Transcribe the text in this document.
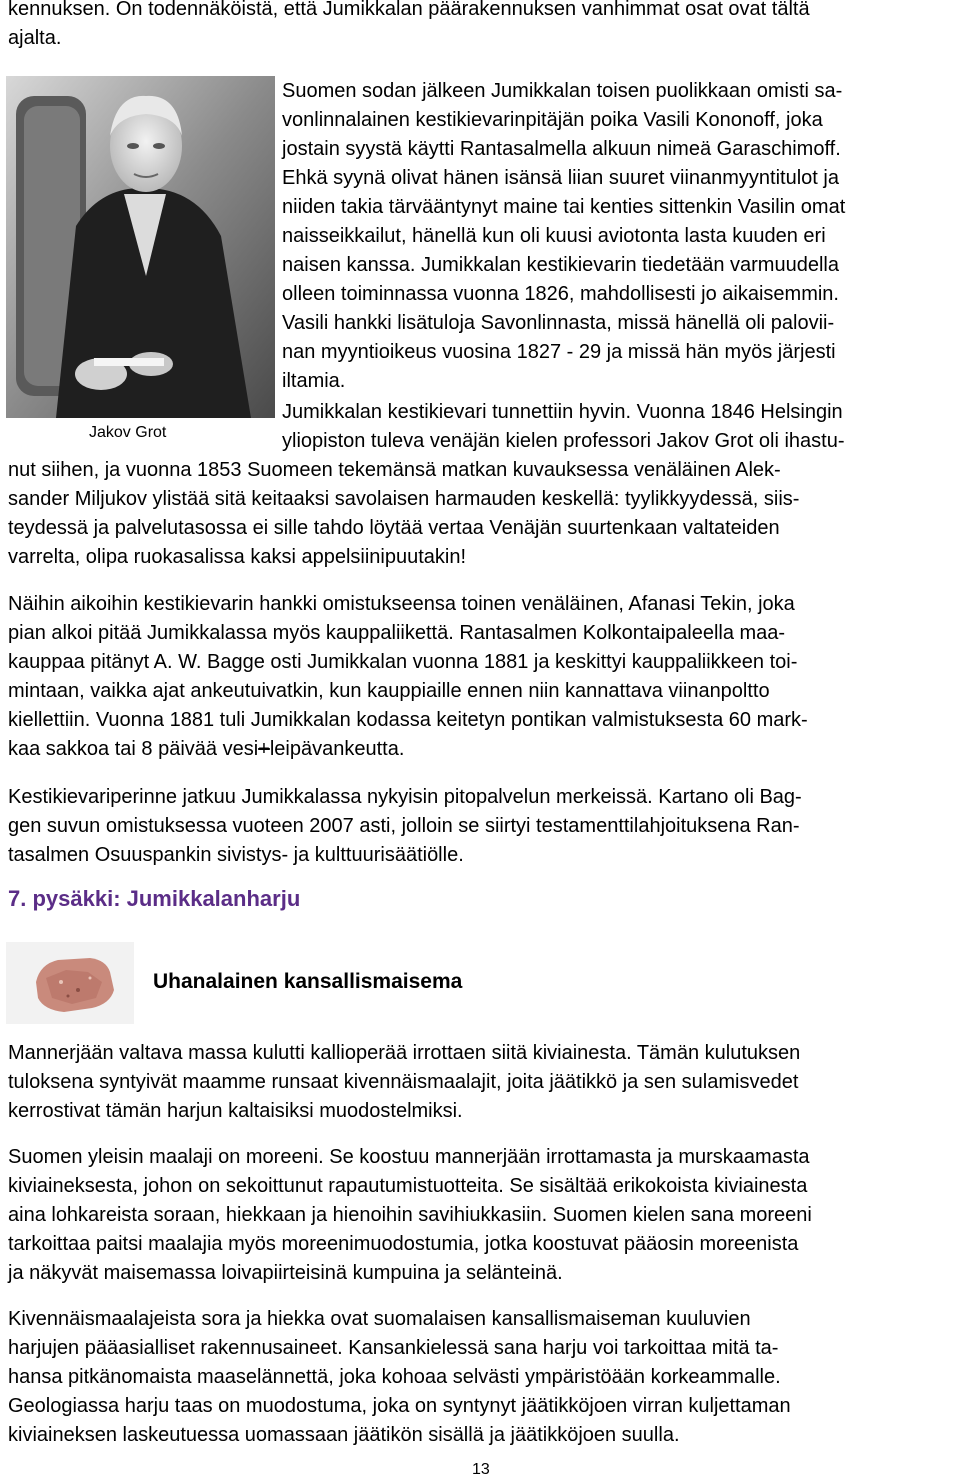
kennuksen. On todennäköistä, että Jumikkalan päärakennuksen vanhimmat osat ovat tältä
ajalta.
Jakov Grot
Suomen sodan jälkeen Jumikkalan toisen puolikkaan omisti sa-
vonlinnalainen kestikievarinpitäjän poika Vasili Kononoff, joka
jostain syystä käytti Rantasalmella alkuun nimeä Garaschimoff.
Ehkä syynä olivat hänen isänsä liian suuret viinanmyyntitulot ja
niiden takia tärvääntynyt maine tai kenties sittenkin Vasilin omat
naisseikkailut, hänellä kun oli kuusi aviotonta lasta kuuden eri
naisen kanssa. Jumikkalan kestikievarin tiedetään varmuudella
olleen toiminnassa vuonna 1826, mahdollisesti jo aikaisemmin.
Vasili hankki lisätuloja Savonlinnasta, missä hänellä oli palovii-
nan myyntioikeus vuosina 1827 - 29 ja missä hän myös järjesti
iltamia.
Jumikkalan kestikievari tunnettiin hyvin. Vuonna 1846 Helsingin
yliopiston tuleva venäjän kielen professori Jakov Grot oli ihastu-
nut siihen, ja vuonna 1853 Suomeen tekemänsä matkan kuvauksessa venäläinen Alek-
sander Miljukov ylistää sitä keitaaksi savolaisen harmauden keskellä: tyylikkyydessä, siis-
teydessä ja palvelutasossa ei sille tahdo löytää vertaa Venäjän suurtenkaan valtateiden
varrelta, olipa ruokasalissa kaksi appelsiinipuutakin!
Näihin aikoihin kestikievarin hankki omistukseensa toinen venäläinen, Afanasi Tekin, joka
pian alkoi pitää Jumikkalassa myös kauppaliikettä. Rantasalmen Kolkontaipaleella maa-
kauppaa pitänyt A. W. Bagge osti Jumikkalan vuonna 1881 ja keskittyi kauppaliikkeen toi-
mintaan, vaikka ajat ankeutuivatkin, kun kauppiaille ennen niin kannattava viinanpoltto
kiellettiin. Vuonna 1881 tuli Jumikkalan kodassa keitetyn pontikan valmistuksesta 60 mark-
kaa sakkoa tai 8 päivää vesi+leipävankeutta.
Kestikievariperinne jatkuu Jumikkalassa nykyisin pitopalvelun merkeissä. Kartano oli Bag-
gen suvun omistuksessa vuoteen 2007 asti, jolloin se siirtyi testamenttilahjoituksena Ran-
tasalmen Osuuspankin sivistys- ja kulttuurisäätiölle.
7. pysäkki: Jumikkalanharju
Uhanalainen kansallismaisema
Mannerjään valtava massa kulutti kallioperää irrottaen siitä kiviainesta. Tämän kulutuksen
tuloksena syntyivät maamme runsaat kivennäismaalajit, joita jäätikkö ja sen sulamisvedet
kerrostivat tämän harjun kaltaisiksi muodostelmiksi.
Suomen yleisin maalaji on moreeni. Se koostuu mannerjään irrottamasta ja murskaamasta
kiviaineksesta, johon on sekoittunut rapautumistuotteita. Se sisältää erikokoista kiviainesta
aina lohkareista soraan, hiekkaan ja hienoihin savihiukkasiin. Suomen kielen sana moreeni
tarkoittaa paitsi maalajia myös moreenimuodostumia, jotka koostuvat pääosin moreenista
ja näkyvät maisemassa loivapiirteisinä kumpuina ja selänteinä.
Kivennäismaalajeista sora ja hiekka ovat suomalaisen kansallismaiseman kuuluvien
harjujen pääasialliset rakennusaineet. Kansankielessä sana harju voi tarkoittaa mitä ta-
hansa pitkänomaista maaselännettä, joka kohoaa selvästi ympäristöään korkeammalle.
Geologiassa harju taas on muodostuma, joka on syntynyt jäätikköjoen virran kuljettaman
kiviaineksen laskeutuessa uomassaan jäätikön sisällä ja jäätikköjoen suulla.
13
